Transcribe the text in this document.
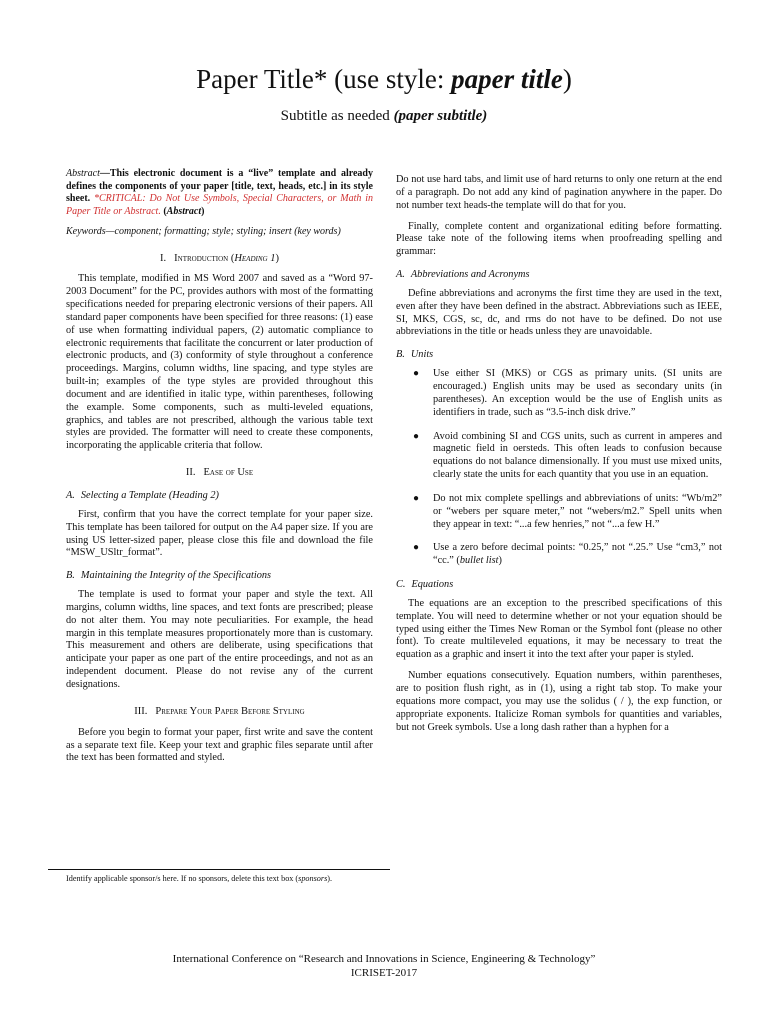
Paper Title* (use style: paper title)
Subtitle as needed (paper subtitle)

Abstract—This electronic document is a “live” template and already defines the components of your paper [title, text, heads, etc.] in its style sheet. *CRITICAL: Do Not Use Symbols, Special Characters, or Math in Paper Title or Abstract. (Abstract)

Keywords—component; formatting; style; styling; insert (key words)

I. Introduction (Heading 1)

This template, modified in MS Word 2007 and saved as a “Word 97-2003 Document” for the PC, provides authors with most of the formatting specifications needed for preparing electronic versions of their papers. All standard paper components have been specified for three reasons: (1) ease of use when formatting individual papers, (2) automatic compliance to electronic requirements that facilitate the concurrent or later production of electronic products, and (3) conformity of style throughout a conference proceedings. Margins, column widths, line spacing, and type styles are built-in; examples of the type styles are provided throughout this document and are identified in italic type, within parentheses, following the example. Some components, such as multi-leveled equations, graphics, and tables are not prescribed, although the various table text styles are provided. The formatter will need to create these components, incorporating the applicable criteria that follow.

II. Ease of Use
A. Selecting a Template (Heading 2)

First, confirm that you have the correct template for your paper size. This template has been tailored for output on the A4 paper size. If you are using US letter-sized paper, please close this file and download the file “MSW_USltr_format”.

B. Maintaining the Integrity of the Specifications

The template is used to format your paper and style the text. All margins, column widths, line spaces, and text fonts are prescribed; please do not alter them. You may note peculiarities. For example, the head margin in this template measures proportionately more than is customary. This measurement and others are deliberate, using specifications that anticipate your paper as one part of the entire proceedings, and not as an independent document. Please do not revise any of the current designations.

III. Prepare Your Paper Before Styling

Before you begin to format your paper, first write and save the content as a separate text file. Keep your text and graphic files separate until after the text has been formatted and styled.

Identify applicable sponsor/s here. If no sponsors, delete this text box (sponsors).

Do not use hard tabs, and limit use of hard returns to only one return at the end of a paragraph. Do not add any kind of pagination anywhere in the paper. Do not number text heads-the template will do that for you.

Finally, complete content and organizational editing before formatting. Please take note of the following items when proofreading spelling and grammar:

A. Abbreviations and Acronyms

Define abbreviations and acronyms the first time they are used in the text, even after they have been defined in the abstract. Abbreviations such as IEEE, SI, MKS, CGS, sc, dc, and rms do not have to be defined. Do not use abbreviations in the title or heads unless they are unavoidable.

B. Units
● Use either SI (MKS) or CGS as primary units. (SI units are encouraged.) English units may be used as secondary units (in parentheses). An exception would be the use of English units as identifiers in trade, such as “3.5-inch disk drive.”
● Avoid combining SI and CGS units, such as current in amperes and magnetic field in oersteds. This often leads to confusion because equations do not balance dimensionally. If you must use mixed units, clearly state the units for each quantity that you use in an equation.
● Do not mix complete spellings and abbreviations of units: “Wb/m2” or “webers per square meter,” not “webers/m2.” Spell units when they appear in text: “...a few henries,” not “...a few H.”
● Use a zero before decimal points: “0.25,” not “.25.” Use “cm3,” not “cc.” (bullet list)
C. Equations

The equations are an exception to the prescribed specifications of this template. You will need to determine whether or not your equation should be typed using either the Times New Roman or the Symbol font (please no other font). To create multileveled equations, it may be necessary to treat the equation as a graphic and insert it into the text after your paper is styled.

Number equations consecutively. Equation numbers, within parentheses, are to position flush right, as in (1), using a right tab stop. To make your equations more compact, you may use the solidus ( / ), the exp function, or appropriate exponents. Italicize Roman symbols for quantities and variables, but not Greek symbols. Use a long dash rather than a hyphen for a

International Conference on “Research and Innovations in Science, Engineering & Technology”
ICRISET-2017
